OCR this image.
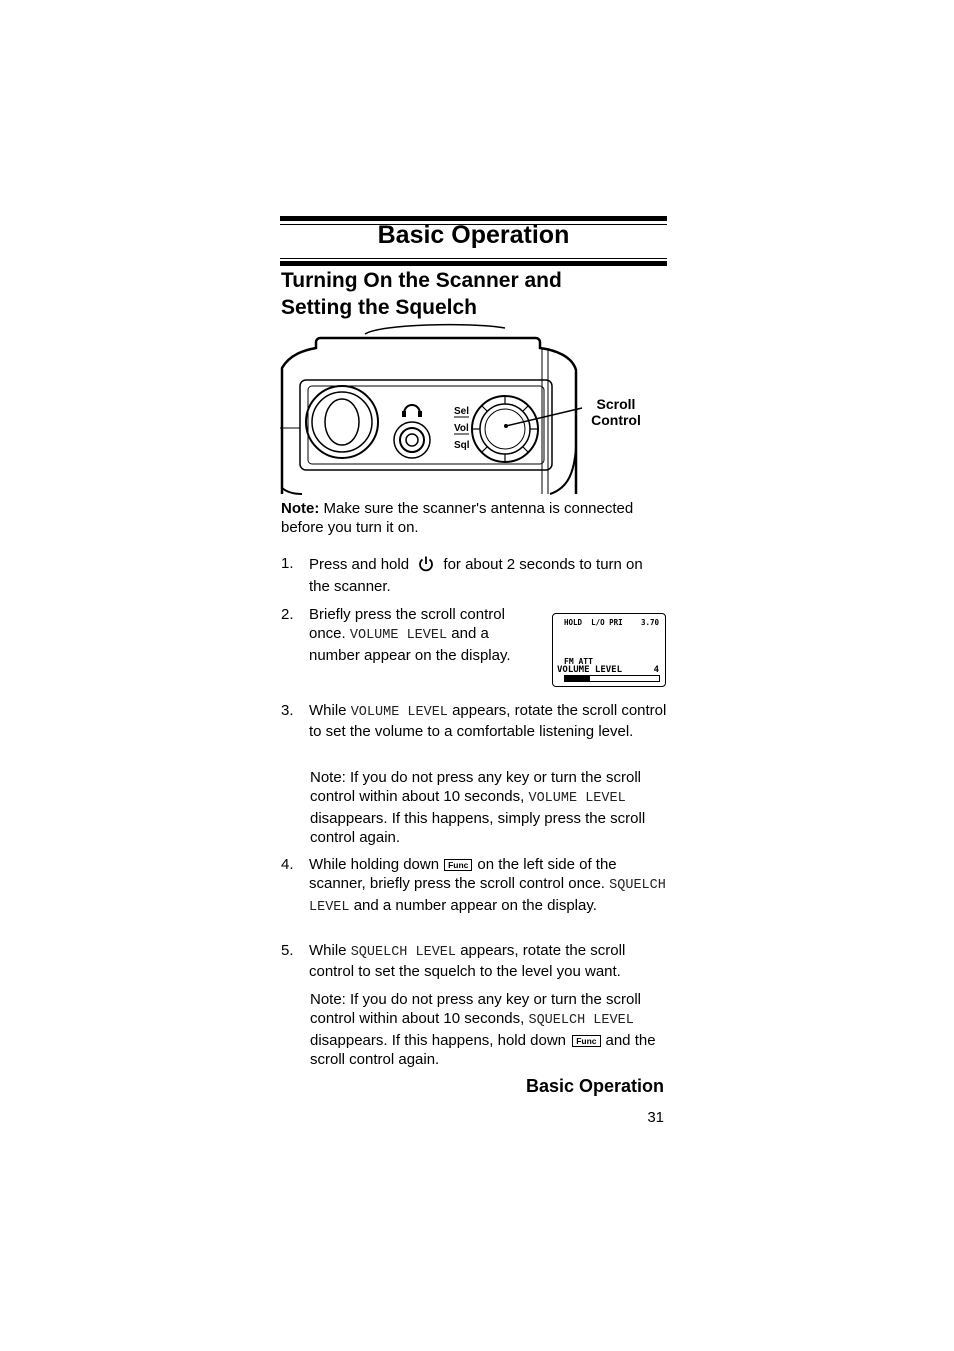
Basic Operation
Turning On the Scanner and
Setting the Squelch
Sel
Vol
Sql
Scroll
Control
Note: Make sure the scanner's antenna is connected before you turn it on.
1. Press and hold for about 2 seconds to turn on the scanner.
2. Briefly press the scroll control once. VOLUME LEVEL and a number appear on the display.
HOLD  L/O PRI 3.70
FM ATT
VOLUME LEVEL	4
3. While VOLUME LEVEL appears, rotate the scroll control to set the volume to a comfortable listening level.
Note: If you do not press any key or turn the scroll control within about 10 seconds, VOLUME LEVEL disappears. If this happens, simply press the scroll control again.
4. While holding down Func on the left side of the scanner, briefly press the scroll control once. SQUELCH LEVEL and a number appear on the display.
5. While SQUELCH LEVEL appears, rotate the scroll control to set the squelch to the level you want.
Note: If you do not press any key or turn the scroll control within about 10 seconds, SQUELCH LEVEL disappears. If this happens, hold down Func and the scroll control again.
Basic Operation
31
